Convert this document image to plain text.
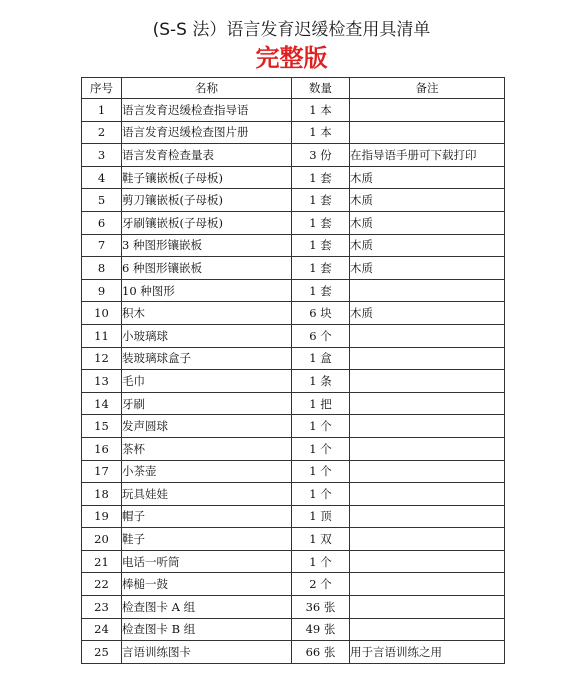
(S-S 法）语言发育迟缓检查用具清单
完整版
序号	名称	数量	备注
1	语言发育迟缓检查指导语	1 本	
2	语言发育迟缓检查图片册	1 本	
3	语言发育检查量表	3 份	在指导语手册可下载打印
4	鞋子镶嵌板(子母板)	1 套	木质
5	剪刀镶嵌板(子母板)	1 套	木质
6	牙刷镶嵌板(子母板)	1 套	木质
7	3 种图形镶嵌板	1 套	木质
8	6 种图形镶嵌板	1 套	木质
9	10 种图形	1 套	
10	积木	6 块	木质
11	小玻璃球	6 个	
12	装玻璃球盒子	1 盒	
13	毛巾	1 条	
14	牙刷	1 把	
15	发声圆球	1 个	
16	茶杯	1 个	
17	小茶壶	1 个	
18	玩具娃娃	1 个	
19	帽子	1 顶	
20	鞋子	1 双	
21	电话一听筒	1 个	
22	棒槌一鼓	2 个	
23	检查图卡 A 组	36 张	
24	检查图卡 B 组	49 张	
25	言语训练图卡	66 张	用于言语训练之用
